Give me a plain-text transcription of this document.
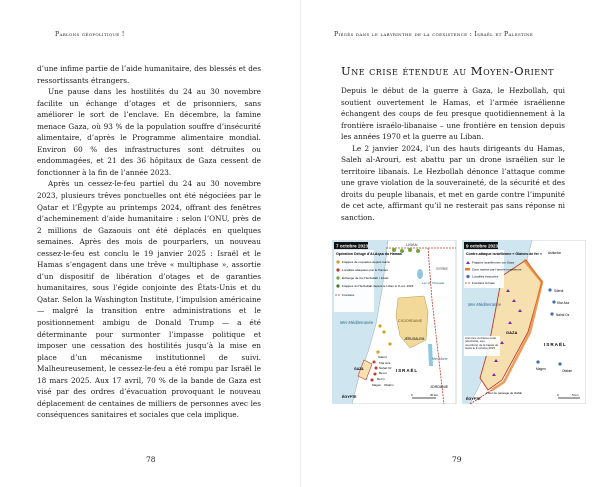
Parlons géopolitique !

d’une infime partie de l’aide humanitaire, des blessés et des ressortissants étrangers.

Une pause dans les hostilités du 24 au 30 novembre facilite un échange d’otages et de prisonniers, sans améliorer le sort de l’enclave. En décembre, la famine menace Gaza, où 93 % de la population souffre d’insécurité alimentaire, d’après le Programme alimentaire mondial. Environ 60 % des infrastructures sont détruites ou endommagées, et 21 des 36 hôpitaux de Gaza cessent de fonctionner à la fin de l’année 2023.

Après un cessez-le-feu partiel du 24 au 30 novembre 2023, plusieurs trêves ponctuelles ont été négociées par le Qatar et l’Égypte au printemps 2024, offrant des fenêtres d’acheminement d’aide humanitaire : selon l’ONU, près de 2 millions de Gazaouis ont été déplacés en quelques semaines. Après des mois de pourparlers, un nouveau cessez-le-feu est conclu le 19 janvier 2025 : Israël et le Hamas s’engagent dans une trêve « multiphase », assortie d’un dispositif de libération d’otages et de garanties humanitaires, sous l’égide conjointe des États-Unis et du Qatar. Selon la Washington Institute, l’impulsion américaine — malgré la transition entre administrations et le positionnement ambigu de Donald Trump — a été déterminante pour surmonter l’impasse politique et imposer une cessation des hostilités jusqu’à la mise en place d’un mécanisme institutionnel de suivi. Malheureusement, le cessez-le-feu a été rompu par Israël le 18 mars 2025. Aux 17 avril, 70 % de la bande de Gaza est visé par des ordres d’évacuation provoquant le nouveau déplacement de centaines de milliers de personnes avec les conséquences sanitaires et sociales que cela implique.

78
Piégés dans le labyrinthe de la coexistence : Israël et Palestine
Une crise étendue au Moyen-Orient

Depuis le début de la guerre à Gaza, le Hezbollah, qui soutient ouvertement le Hamas, et l’armée israélienne échangent des coups de feu presque quotidiennement à la frontière israélo-libanaise – une frontière en tension depuis les années 1970 et la guerre au Liban.

Le 2 janvier 2024, l’un des hauts dirigeants du Hamas, Saleh al-Arouri, est abattu par un drone israélien sur le territoire libanais. Le Hezbollah dénonce l’attaque comme une grave violation de la souveraineté, de la sécurité et des droits du peuple libanais, et met en garde contre l’impunité de cet acte, affirmant qu’il ne resterait pas sans réponse ni sanction.

79
7 octobre 2023
Opération Déluge d’Al-Aqsa du Hamas
Frappes de roquettes depuis Gaza
Localités attaquées par le Hamas
Échange de tirs Hezbollah / Israël
Frappes du Hezbollah depuis le Liban le 8 oct. 2023
Frontière
LIBAN
SYRIE
Mer Méditerranée
Lac de Tibériade
CISJORDANIE
JÉRUSALEM
Mer Morte
ISRAËL
JORDANIE
ÉGYPTE
GAZA
Sdérot
Kfar Aza
Nahal Oz
Be’eri
Re’im
Magen Ofakim
0	30 km
9 octobre 2023
Contre-attaque israélienne « Glaives de fer »
Frappes israéliennes sur Gaza
Zone reprise par l’armée israélienne
Localités évacuées
Frontière fermée
Mer Méditerranée
GAZA
ISRAËL
ÉGYPTE
Ashkelon
Sdérot
Kfar Aza
Nahal Oz
Magen	Ofakim
Point de passage de Rafah
Annonce du blocus total (électricité, eau, nourriture) de la bande de Gaza le 9 octobre 2023
0	5 km
